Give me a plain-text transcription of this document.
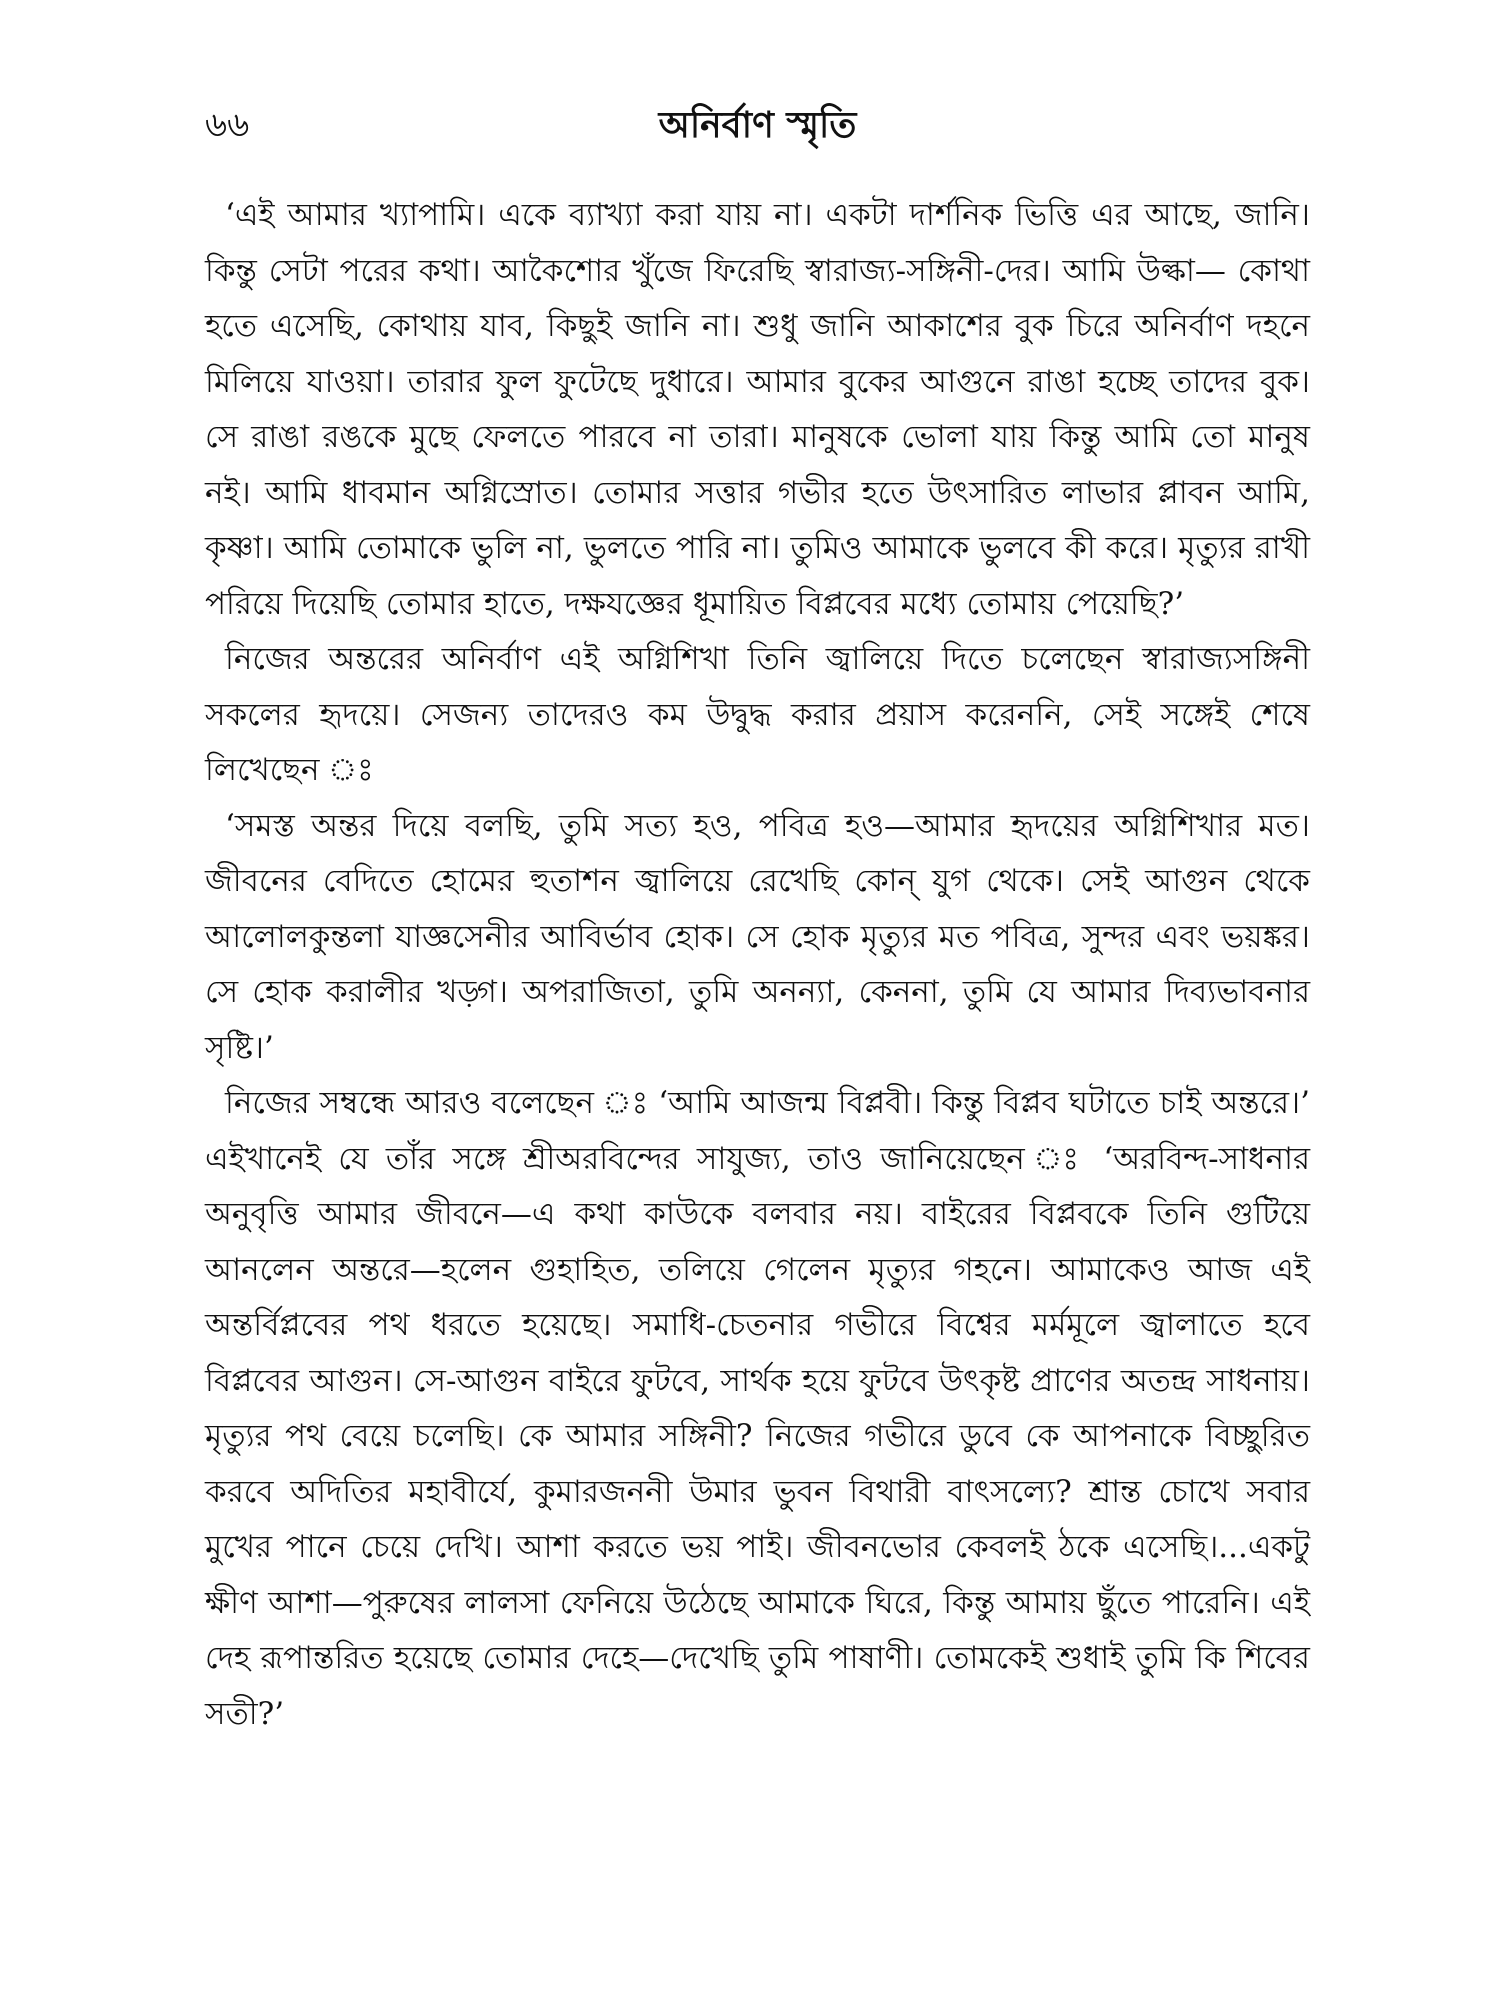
৬৬	অনির্বাণ স্মৃতি

‘এই আমার খ্যাপামি। একে ব্যাখ্যা করা যায় না। একটা দার্শনিক ভিত্তি এর আছে, জানি। কিন্তু সেটা পরের কথা। আকৈশোর খুঁজে ফিরেছি স্বারাজ্য-সঙ্গিনী-দের। আমি উল্কা— কোথা হতে এসেছি, কোথায় যাব, কিছুই জানি না। শুধু জানি আকাশের বুক চিরে অনির্বাণ দহনে মিলিয়ে যাওয়া। তারার ফুল ফুটেছে দুধারে। আমার বুকের আগুনে রাঙা হচ্ছে তাদের বুক। সে রাঙা রঙকে মুছে ফেলতে পারবে না তারা। মানুষকে ভোলা যায় কিন্তু আমি তো মানুষ নই। আমি ধাবমান অগ্নিস্রোত। তোমার সত্তার গভীর হতে উৎসারিত লাভার প্লাবন আমি, কৃষ্ণা। আমি তোমাকে ভুলি না, ভুলতে পারি না। তুমিও আমাকে ভুলবে কী করে। মৃত্যুর রাখী পরিয়ে দিয়েছি তোমার হাতে, দক্ষযজ্ঞের ধূমায়িত বিপ্লবের মধ্যে তোমায় পেয়েছি?’

নিজের অন্তরের অনির্বাণ এই অগ্নিশিখা তিনি জ্বালিয়ে দিতে চলেছেন স্বারাজ্যসঙ্গিনী সকলের হৃদয়ে। সেজন্য তাদেরও কম উদ্বুদ্ধ করার প্রয়াস করেননি, সেই সঙ্গেই শেষে লিখেছেন ঃ

‘সমস্ত অন্তর দিয়ে বলছি, তুমি সত্য হও, পবিত্র হও—আমার হৃদয়ের অগ্নিশিখার মত। জীবনের বেদিতে হোমের হুতাশন জ্বালিয়ে রেখেছি কোন্ যুগ থেকে। সেই আগুন থেকে আলোলকুন্তলা যাজ্ঞসেনীর আবির্ভাব হোক। সে হোক মৃত্যুর মত পবিত্র, সুন্দর এবং ভয়ঙ্কর। সে হোক করালীর খড়্গ। অপরাজিতা, তুমি অনন্যা, কেননা, তুমি যে আমার দিব্যভাবনার সৃষ্টি।’

নিজের সম্বন্ধে আরও বলেছেন ঃ ‘আমি আজন্ম বিপ্লবী। কিন্তু বিপ্লব ঘটাতে চাই অন্তরে।’ এইখানেই যে তাঁর সঙ্গে শ্রীঅরবিন্দের সাযুজ্য, তাও জানিয়েছেন ঃ ‘অরবিন্দ-সাধনার অনুবৃত্তি আমার জীবনে—এ কথা কাউকে বলবার নয়। বাইরের বিপ্লবকে তিনি গুটিয়ে আনলেন অন্তরে—হলেন গুহাহিত, তলিয়ে গেলেন মৃত্যুর গহনে। আমাকেও আজ এই অন্তর্বিপ্লবের পথ ধরতে হয়েছে। সমাধি-চেতনার গভীরে বিশ্বের মর্মমূলে জ্বালাতে হবে বিপ্লবের আগুন। সে-আগুন বাইরে ফুটবে, সার্থক হয়ে ফুটবে উৎকৃষ্ট প্রাণের অতন্দ্র সাধনায়। মৃত্যুর পথ বেয়ে চলেছি। কে আমার সঙ্গিনী? নিজের গভীরে ডুবে কে আপনাকে বিচ্ছুরিত করবে অদিতির মহাবীর্যে, কুমারজননী উমার ভুবন বিথারী বাৎসল্যে? শ্রান্ত চোখে সবার মুখের পানে চেয়ে দেখি। আশা করতে ভয় পাই। জীবনভোর কেবলই ঠকে এসেছি।...একটু ক্ষীণ আশা—পুরুষের লালসা ফেনিয়ে উঠেছে আমাকে ঘিরে, কিন্তু আমায় ছুঁতে পারেনি। এই দেহ রূপান্তরিত হয়েছে তোমার দেহে—দেখেছি তুমি পাষাণী। তোমকেই শুধাই তুমি কি শিবের সতী?’
